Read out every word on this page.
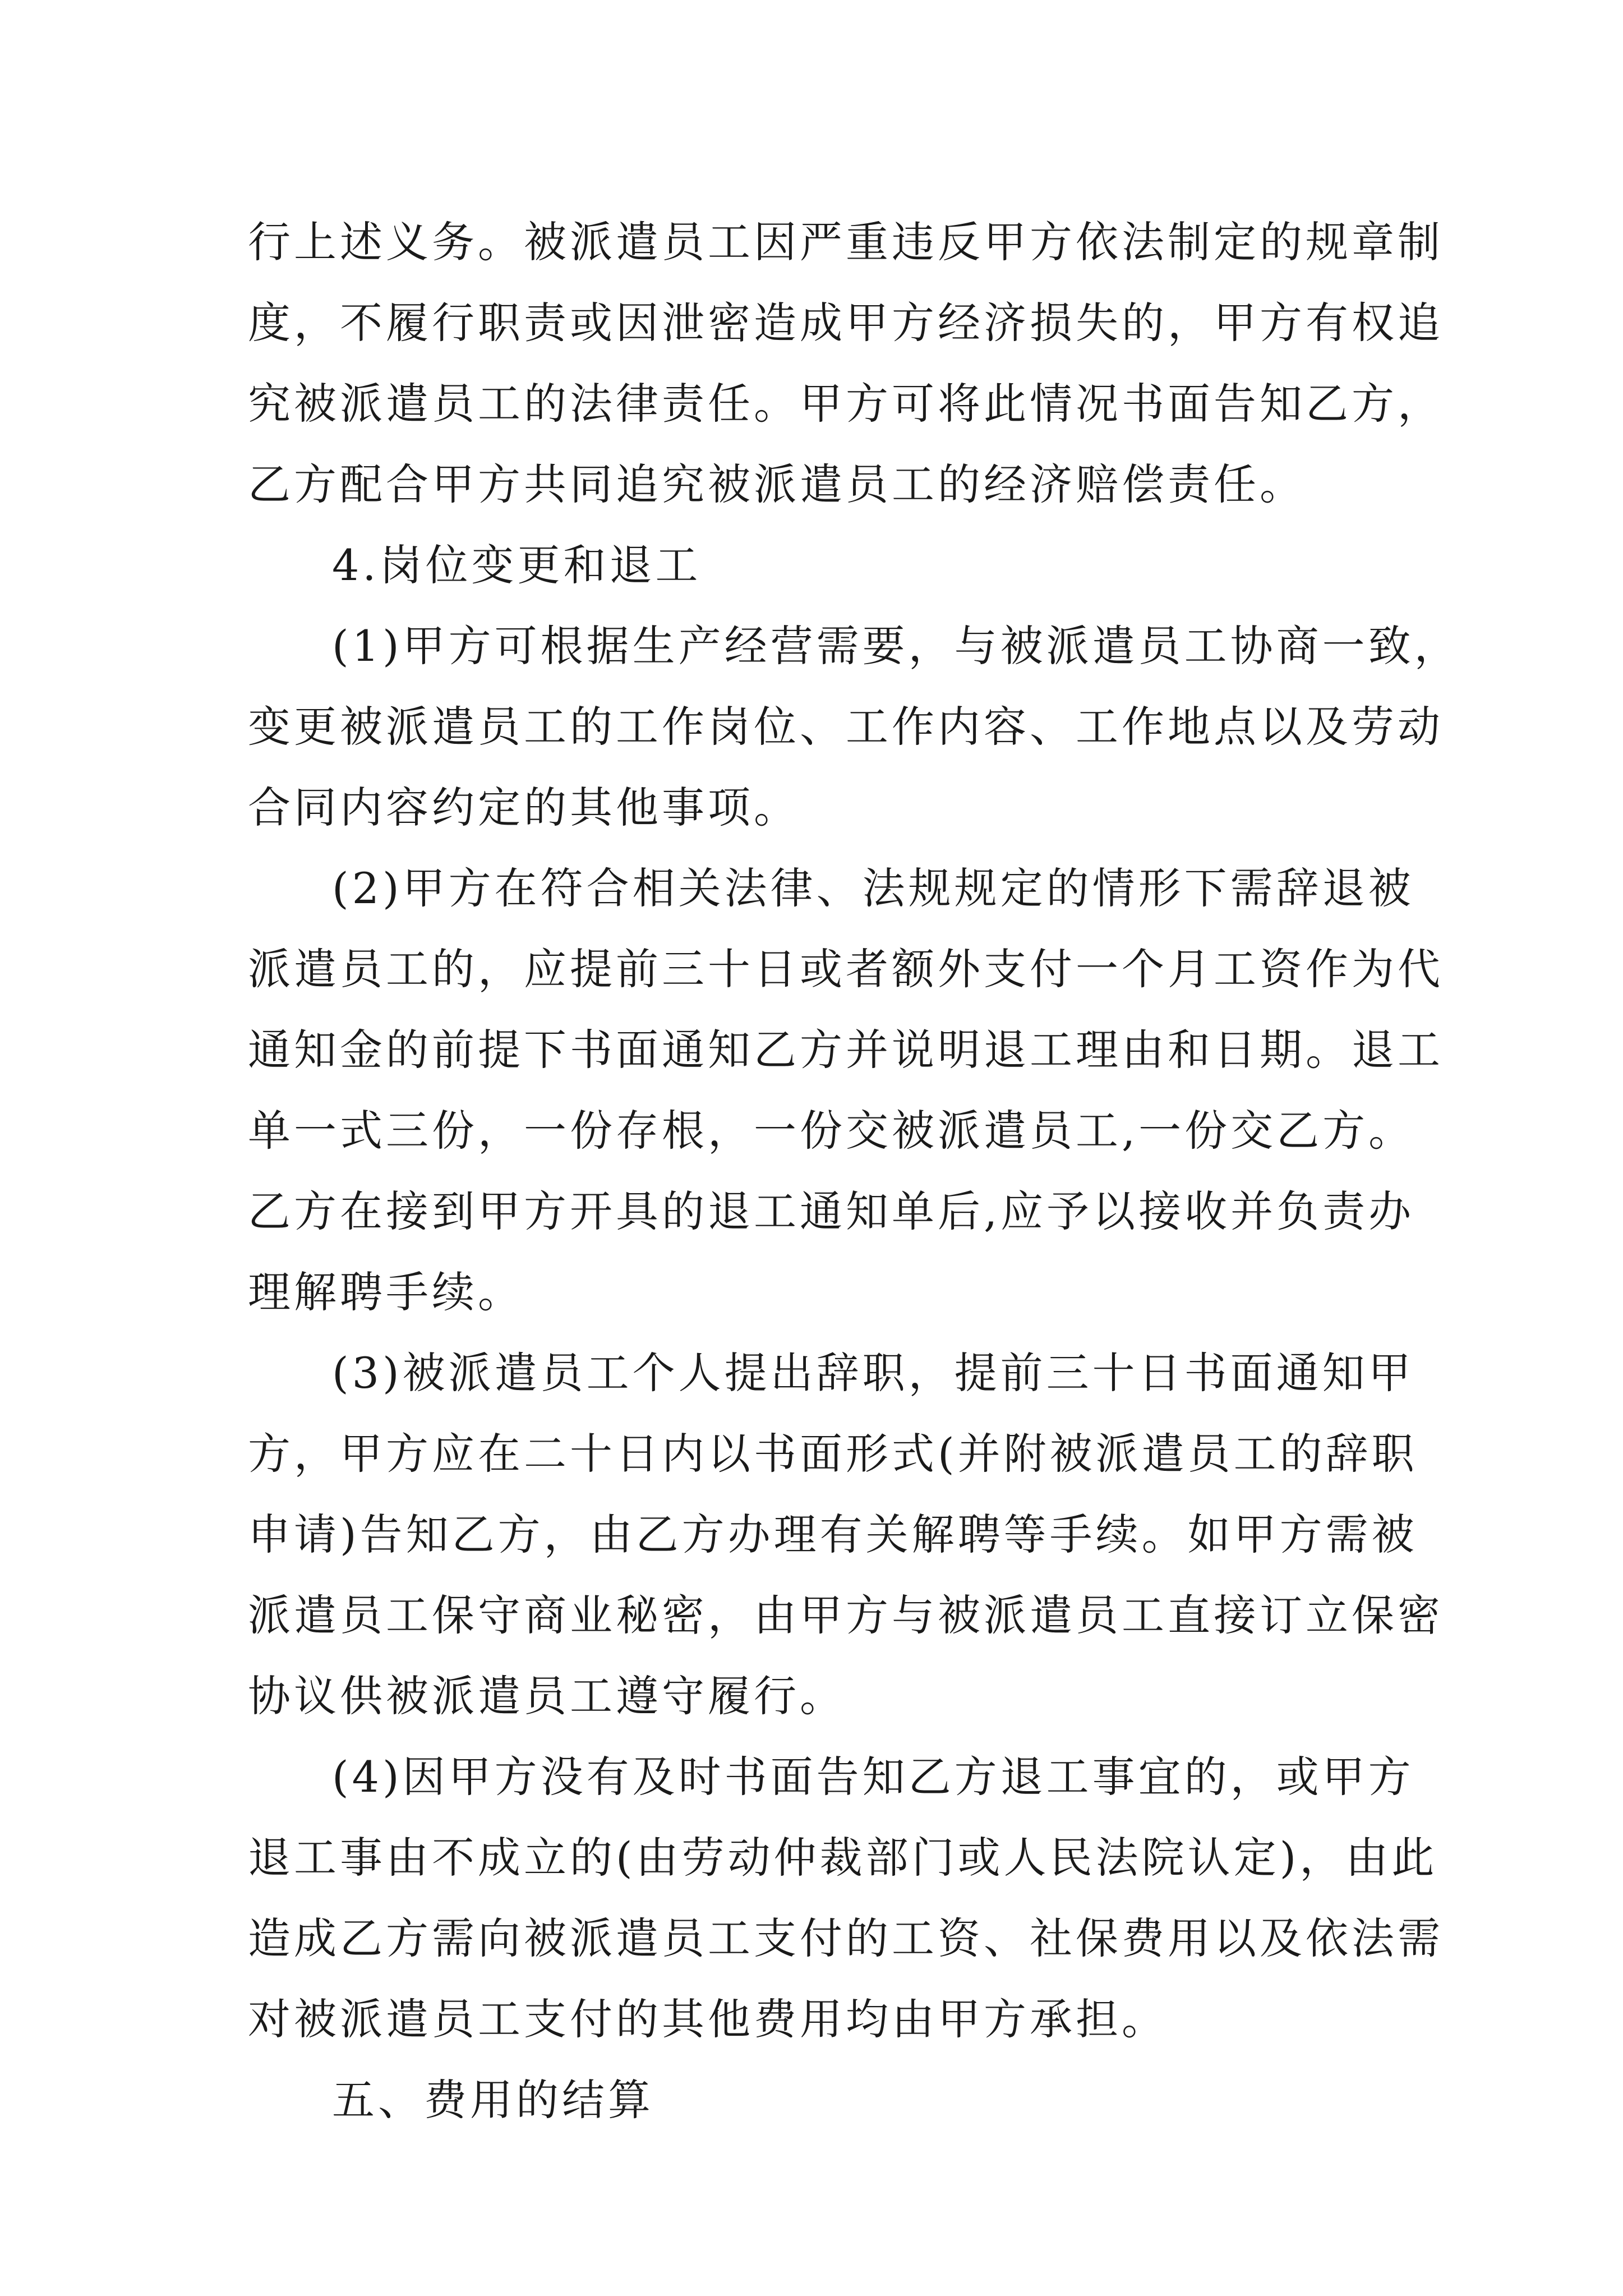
行上述义务。被派遣员工因严重违反甲方依法制定的规章制
度，不履行职责或因泄密造成甲方经济损失的，甲方有权追
究被派遣员工的法律责任。甲方可将此情况书面告知乙方，
乙方配合甲方共同追究被派遣员工的经济赔偿责任。

4.岗位变更和退工

(1)甲方可根据生产经营需要，与被派遣员工协商一致，
变更被派遣员工的工作岗位、工作内容、工作地点以及劳动
合同内容约定的其他事项。

(2)甲方在符合相关法律、法规规定的情形下需辞退被
派遣员工的，应提前三十日或者额外支付一个月工资作为代
通知金的前提下书面通知乙方并说明退工理由和日期。退工
单一式三份，一份存根，一份交被派遣员工,一份交乙方。
乙方在接到甲方开具的退工通知单后,应予以接收并负责办
理解聘手续。

(3)被派遣员工个人提出辞职，提前三十日书面通知甲
方，甲方应在二十日内以书面形式(并附被派遣员工的辞职
申请)告知乙方，由乙方办理有关解聘等手续。如甲方需被
派遣员工保守商业秘密，由甲方与被派遣员工直接订立保密
协议供被派遣员工遵守履行。

(4)因甲方没有及时书面告知乙方退工事宜的，或甲方
退工事由不成立的(由劳动仲裁部门或人民法院认定)，由此
造成乙方需向被派遣员工支付的工资、社保费用以及依法需
对被派遣员工支付的其他费用均由甲方承担。

五、费用的结算
